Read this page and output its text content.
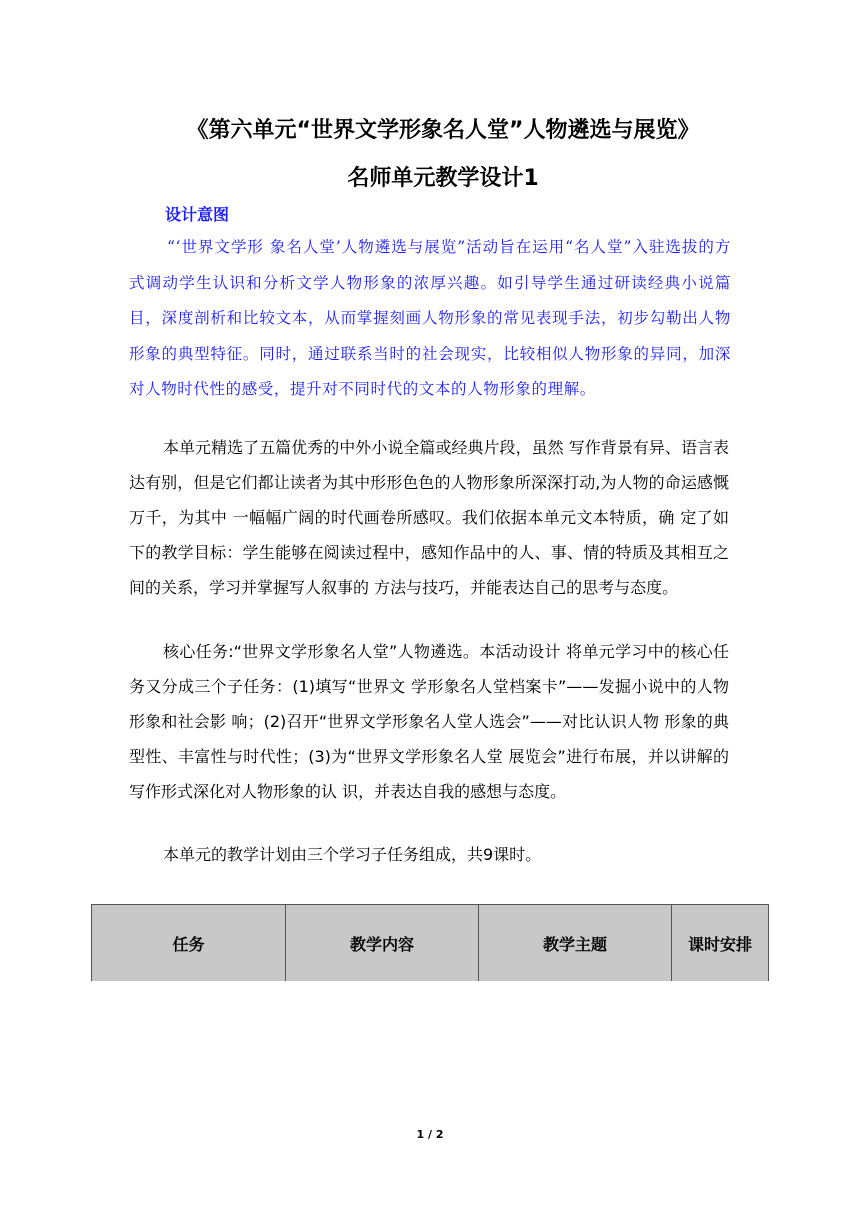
《第六单元“世界文学形象名人堂”人物遴选与展览》
名师单元教学设计1
设计意图
“‘世界文学形 象名人堂’人物遴选与展览”活动旨在运用“名人堂”入驻选拔的方式调动学生认识和分析文学人物形象的浓厚兴趣。如引导学生通过研读经典小说篇目，深度剖析和比较文本，从而掌握刻画人物形象的常见表现手法，初步勾勒出人物形象的典型特征。同时，通过联系当时的社会现实，比较相似人物形象的异同，加深对人物时代性的感受，提升对不同时代的文本的人物形象的理解。
本单元精选了五篇优秀的中外小说全篇或经典片段，虽然 写作背景有异、语言表达有别，但是它们都让读者为其中形形色色的人物形象所深深打动,为人物的命运感慨万千，为其中 一幅幅广阔的时代画卷所感叹。我们依据本单元文本特质，确 定了如下的教学目标：学生能够在阅读过程中，感知作品中的人、事、情的特质及其相互之间的关系，学习并掌握写人叙事的 方法与技巧，并能表达自己的思考与态度。
核心任务:“世界文学形象名人堂”人物遴选。本活动设计 将单元学习中的核心任务又分成三个子任务：(1)填写“世界文 学形象名人堂档案卡”——发掘小说中的人物形象和社会影 响；(2)召开“世界文学形象名人堂人选会”——对比认识人物 形象的典型性、丰富性与时代性；(3)为“世界文学形象名人堂 展览会”进行布展，并以讲解的写作形式深化对人物形象的认 识，并表达自我的感想与态度。
本单元的教学计划由三个学习子任务组成，共9课时。
任务	教学内容	教学主题	课时安排
1 / 2
